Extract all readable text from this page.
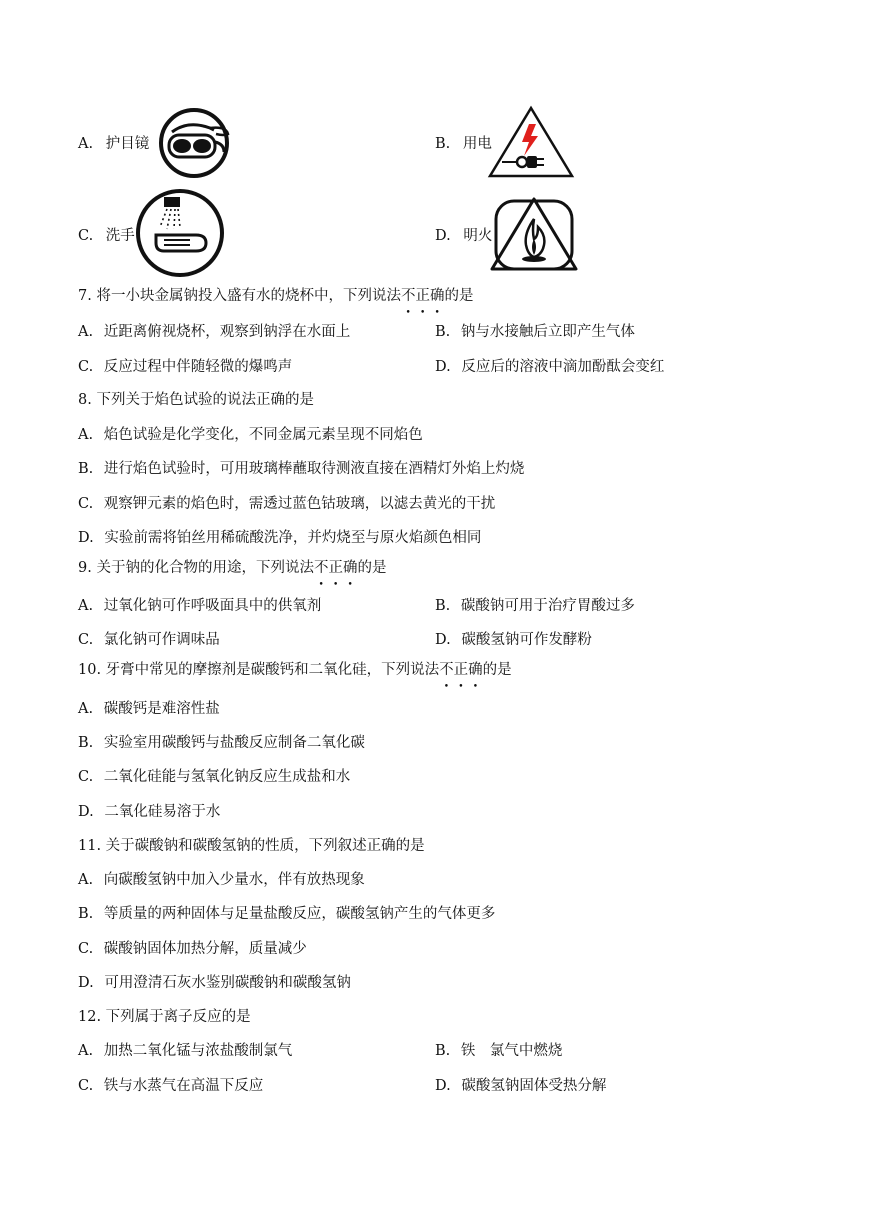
A. 护目镜	B. 用电
C. 洗手	D. 明火
7. 将一小块金属钠投入盛有水的烧杯中，下列说法不正确的是
A. 近距离俯视烧杯，观察到钠浮在水面上	B. 钠与水接触后立即产生气体
C. 反应过程中伴随轻微的爆鸣声	D. 反应后的溶液中滴加酚酞会变红
8. 下列关于焰色试验的说法正确的是
A. 焰色试验是化学变化，不同金属元素呈现不同焰色
B. 进行焰色试验时，可用玻璃棒蘸取待测液直接在酒精灯外焰上灼烧
C. 观察钾元素的焰色时，需透过蓝色钴玻璃，以滤去黄光的干扰
D. 实验前需将铂丝用稀硫酸洗净，并灼烧至与原火焰颜色相同
9. 关于钠的化合物的用途，下列说法不正确的是
A. 过氧化钠可作呼吸面具中的供氧剂	B. 碳酸钠可用于治疗胃酸过多
C. 氯化钠可作调味品	D. 碳酸氢钠可作发酵粉
10. 牙膏中常见的摩擦剂是碳酸钙和二氧化硅，下列说法不正确的是
A. 碳酸钙是难溶性盐
B. 实验室用碳酸钙与盐酸反应制备二氧化碳
C. 二氧化硅能与氢氧化钠反应生成盐和水
D. 二氧化硅易溶于水
11. 关于碳酸钠和碳酸氢钠的性质，下列叙述正确的是
A. 向碳酸氢钠中加入少量水，伴有放热现象
B. 等质量的两种固体与足量盐酸反应，碳酸氢钠产生的气体更多
C. 碳酸钠固体加热分解，质量减少
D. 可用澄清石灰水鉴别碳酸钠和碳酸氢钠
12. 下列属于离子反应的是
A. 加热二氧化锰与浓盐酸制氯气	B. 铁　氯气中燃烧
C. 铁与水蒸气在高温下反应	D. 碳酸氢钠固体受热分解
